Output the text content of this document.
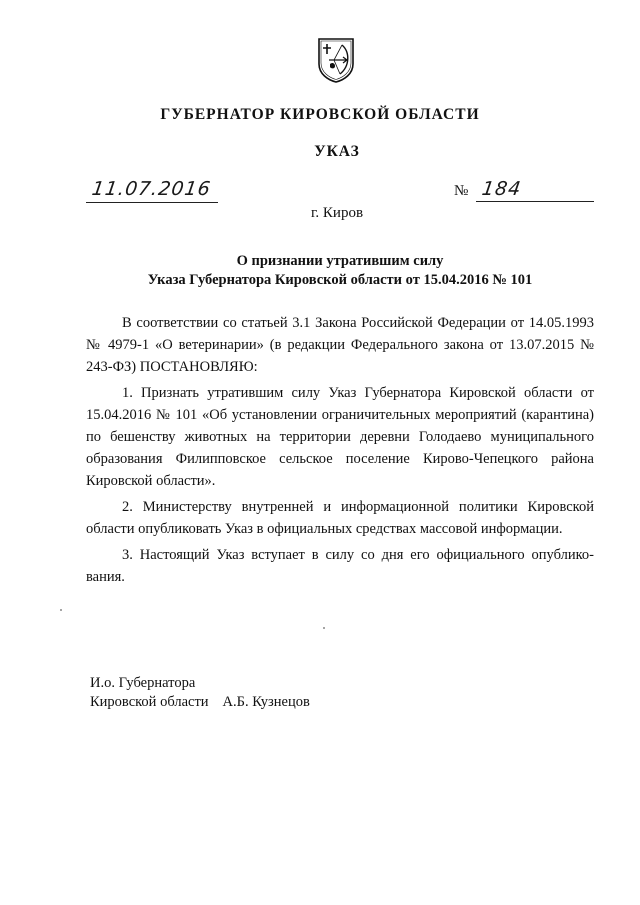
ГУБЕРНАТОР КИРОВСКОЙ ОБЛАСТИ
УКАЗ
11.07.2016	№ 184
г. Киров
О признании утратившим силу
Указа Губернатора Кировской области от 15.04.2016 № 101

В соответствии со статьей 3.1 Закона Российской Федерации от 14.05.1993 № 4979-1 «О ветеринарии» (в редакции Федерального закона от 13.07.2015 № 243-ФЗ) ПОСТАНОВЛЯЮ:

1. Признать утратившим силу Указ Губернатора Кировской области от 15.04.2016 № 101 «Об установлении ограничительных мероприятий (карантина) по бешенству животных на территории деревни Голодаево муниципального образования Филипповское сельское поселение Кирово-Чепецкого района Кировской области».

2. Министерству внутренней и информационной политики Кировской области опубликовать Указ в официальных средствах массовой информации.

3. Настоящий Указ вступает в силу со дня его официального опубликования.

И.о. Губернатора
Кировской области А.Б. Кузнецов
